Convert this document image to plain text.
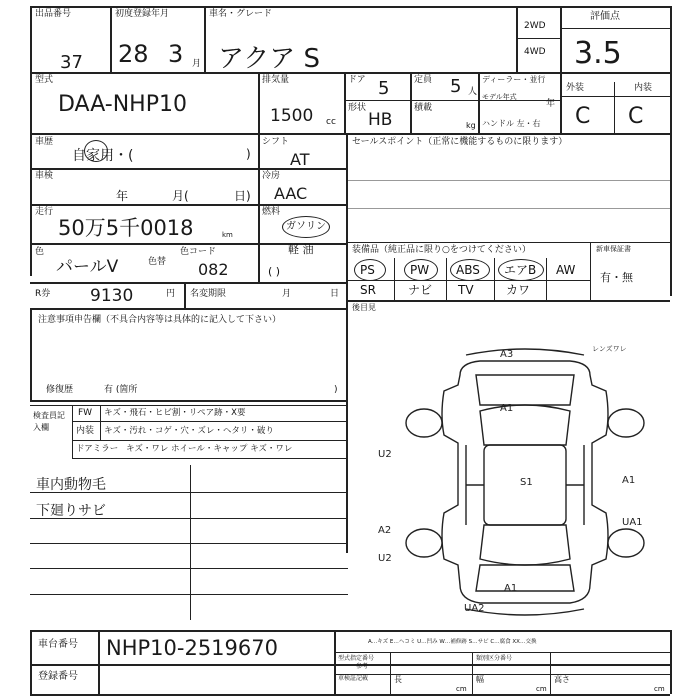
出品番号
37
初度登録年月
28 3 月
車名・グレード
アクア S
2WD
4WD
評価点
3.5
型式
DAA-NHP10
排気量
1500 cc
ドア 5	定員 5 人
ディーラー・並行
モデル年式
年
形状
HB
積載
kg ハンドル 左・右
外装	内装
C C
車歴
自家用・(	)
シフト
AT
セールスポイント（正常に機能するものに限ります）
車検
年	月(	日)
冷房
AAC
走行
50万5千0018	km
燃料
ガソリン
軽 油
( )
色
パールV
色コード
色替 082
装備品（純正品に限り○をつけてください）	新車保証書
有・無
PS	PW ABS エアB AW
SR	ナビ TV	カワ
R券 9130	円 名変期限	月	日
後目見
注意事項申告欄（不具合内容等は具体的に記入して下さい）
修復歴	有 (箇所	)
検査員記入欄
FW キズ・飛石・ヒビ割・リペア跡・X要
内装 キズ・汚れ・コゲ・穴・ズレ・ヘタリ・破り
ドアミラー キズ・ワレ ホイール・キャップ キズ・ワレ
車内動物毛
下廻りサビ
車台番号 NHP10-2519670
登録番号
A…キズ E…ヘコミ U…凹み W…補修跡 S…サビ C…腐食 XX…交換
型式指定番号	類別区分番号
車検証記載
参考
長	幅	高さ
cm	cm	cm
A3
A1
レンズワレ
U2
A1
A1
UA1
A2
U2
S1
UA2
